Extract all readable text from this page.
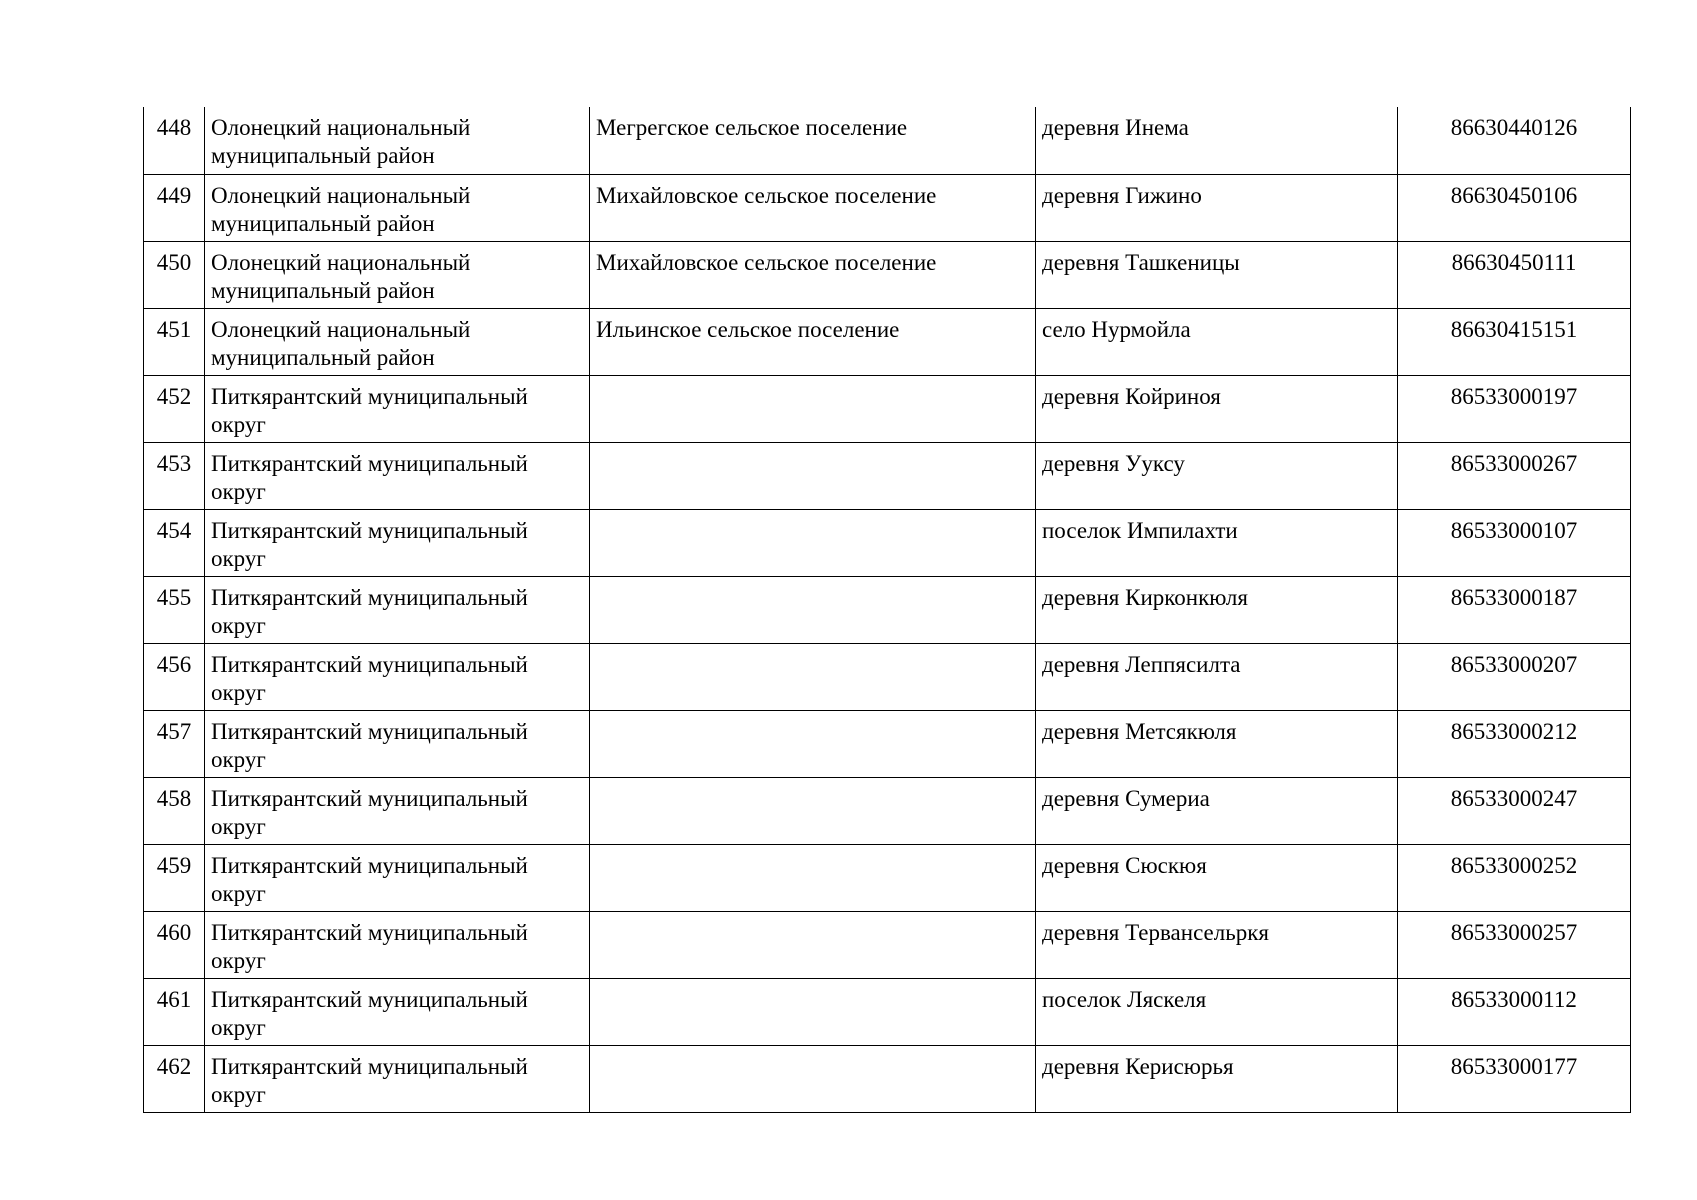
448	Олонецкий национальный муниципальный район	Мегрегское сельское поселение	деревня Инема	86630440126
449	Олонецкий национальный муниципальный район	Михайловское сельское поселение	деревня Гижино	86630450106
450	Олонецкий национальный муниципальный район	Михайловское сельское поселение	деревня Ташкеницы	86630450111
451	Олонецкий национальный муниципальный район	Ильинское сельское поселение	село Нурмойла	86630415151
452	Питкярантский муниципальный округ		деревня Койриноя	86533000197
453	Питкярантский муниципальный округ		деревня Ууксу	86533000267
454	Питкярантский муниципальный округ		поселок Импилахти	86533000107
455	Питкярантский муниципальный округ		деревня Кирконкюля	86533000187
456	Питкярантский муниципальный округ		деревня Леппясилта	86533000207
457	Питкярантский муниципальный округ		деревня Метсякюля	86533000212
458	Питкярантский муниципальный округ		деревня Сумериа	86533000247
459	Питкярантский муниципальный округ		деревня Сюскюя	86533000252
460	Питкярантский муниципальный округ		деревня Тервансельркя	86533000257
461	Питкярантский муниципальный округ		поселок Ляскеля	86533000112
462	Питкярантский муниципальный округ		деревня Керисюрья	86533000177
